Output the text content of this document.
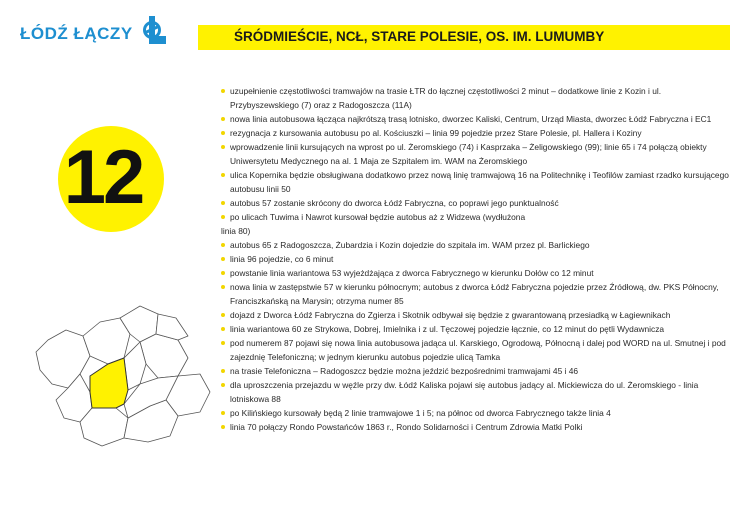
ŁÓDŹ ŁĄCZY	ŚRÓDMIEŚCIE, NCŁ, STARE POLESIE, OS. IM. LUMUMBY
12
uzupełnienie częstotliwości tramwajów na trasie ŁTR do łącznej częstotliwości 2 minut – dodatkowe linie z Kozin i ul. Przybyszewskiego (7) oraz z Radogoszcza (11A)
nowa linia autobusowa łącząca najkrótszą trasą lotnisko, dworzec Kaliski, Centrum, Urząd Miasta, dworzec Łódź Fabryczna i EC1
rezygnacja z kursowania autobusu po al. Kościuszki – linia 99 pojedzie przez Stare Polesie, pl. Hallera i Koziny
wprowadzenie linii kursujących na wprost po ul. Żeromskiego (74) i Kasprzaka – Żeligowskiego (99); linie 65 i 74 połączą obiekty Uniwersytetu Medycznego na al. 1 Maja ze Szpitalem im. WAM na Żeromskiego
ulica Kopernika będzie obsługiwana dodatkowo przez nową linię tramwajową 16 na Politechnikę i Teofilów zamiast rzadko kursującego autobusu linii 50
autobus 57 zostanie skrócony do dworca Łódź Fabryczna, co poprawi jego punktualność
po ulicach Tuwima i Nawrot kursował będzie autobus aż z Widzewa (wydłużona
linia 80)
autobus 65 z Radogoszcza, Żubardzia i Kozin dojedzie do szpitala im. WAM przez pl. Barlickiego
linia 96 pojedzie, co 6 minut
powstanie linia wariantowa 53 wyjeżdżająca z dworca Fabrycznego w kierunku Dołów co 12 minut
nowa linia w zastępstwie 57 w kierunku północnym; autobus z dworca Łódź Fabryczna pojedzie przez Źródłową, dw. PKS Północny, Franciszkańską na Marysin; otrzyma numer 85
dojazd z Dworca Łódź Fabryczna do Zgierza i Skotnik odbywał się będzie z gwarantowaną przesiadką w Łagiewnikach
linia wariantowa 60 ze Strykowa, Dobrej, Imielnika i z ul. Tęczowej pojedzie łącznie, co 12 minut do pętli Wydawnicza
pod numerem 87 pojawi się nowa linia autobusowa jadąca ul. Karskiego, Ogrodową, Północną i dalej pod WORD na ul. Smutnej i pod zajezdnię Telefoniczną; w jednym kierunku autobus pojedzie ulicą Tamka
na trasie Telefoniczna – Radogoszcz będzie można jeździć bezpośrednimi tramwajami 45 i 46
dla uproszczenia przejazdu w węźle przy dw. Łódź Kaliska pojawi się autobus jadący al. Mickiewicza do ul. Żeromskiego - linia lotniskowa 88
po Kilińskiego kursowały będą 2 linie tramwajowe 1 i 5; na północ od dworca Fabrycznego także linia 4
linia 70 połączy Rondo Powstańców 1863 r., Rondo Solidarności i Centrum Zdrowia Matki Polki
